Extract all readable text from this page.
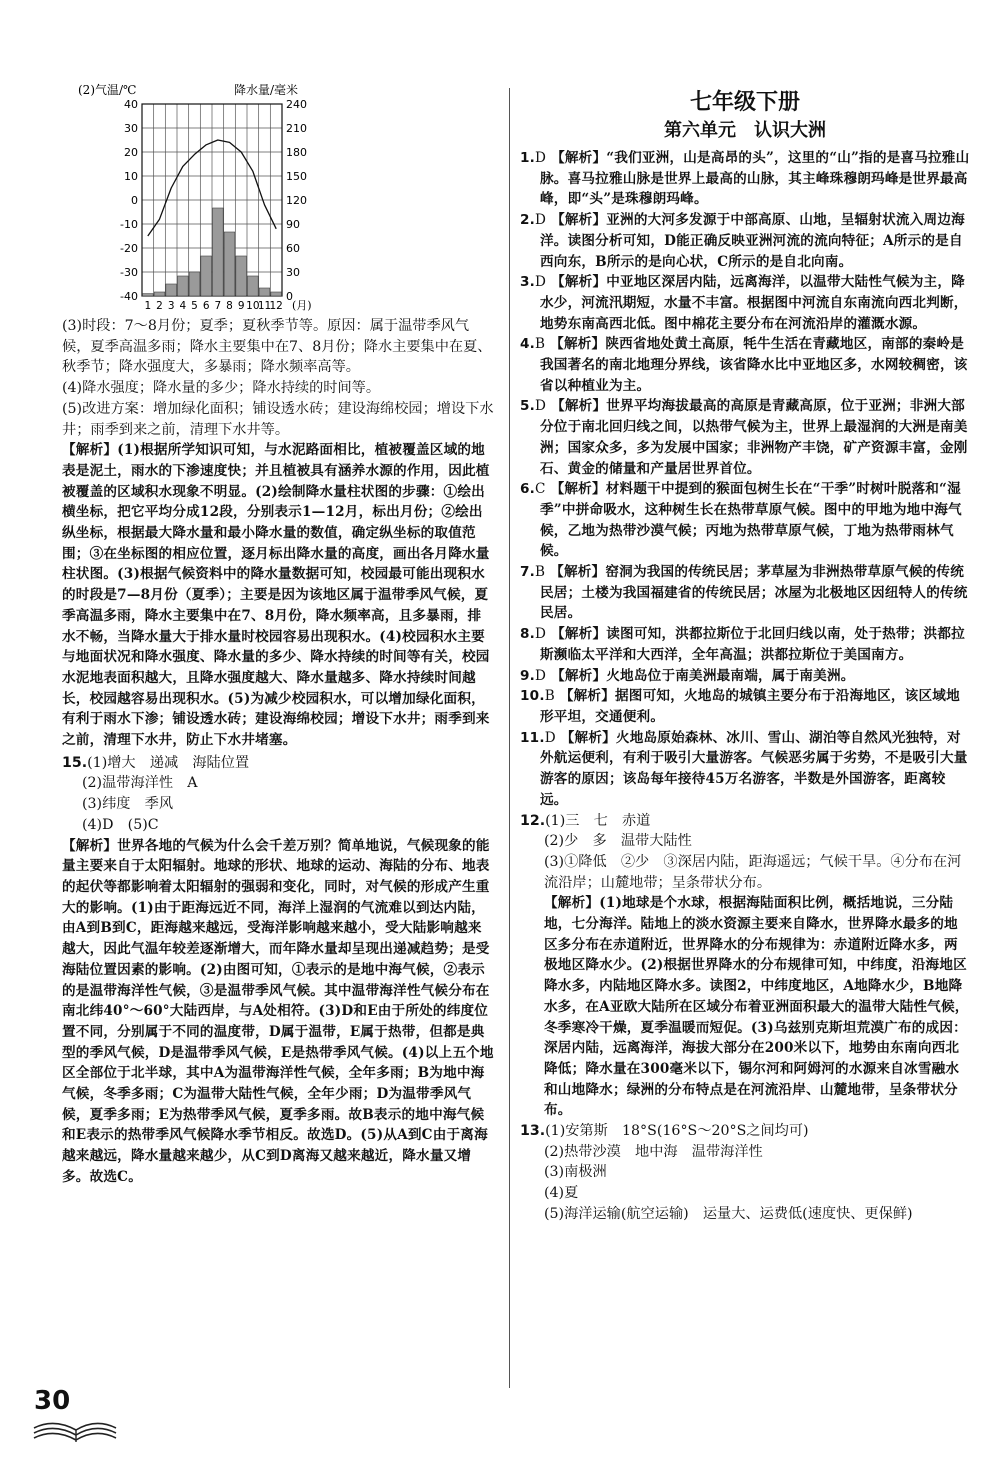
(2)气温/℃	降水量/毫米
40	240
30	210
20	180
10	150
0	120
-10	90
-20	60
-30	30
-40	0
1 2 3 4 5 6 7 8 9 10
11
12 (月)

(3)时段：7～8月份；夏季；夏秋季节等。原因：属于温带季风气候，夏季高温多雨；降水主要集中在7、8月份；降水主要集中在夏、秋季节；降水强度大，多暴雨；降水频率高等。

(4)降水强度；降水量的多少；降水持续的时间等。

(5)改进方案：增加绿化面积；铺设透水砖；建设海绵校园；增设下水井；雨季到来之前，清理下水井等。

【解析】(1)根据所学知识可知，与水泥路面相比，植被覆盖区域的地表是泥土，雨水的下渗速度快；并且植被具有涵养水源的作用，因此植被覆盖的区域积水现象不明显。(2)绘制降水量柱状图的步骤：①绘出横坐标，把它平均分成12段，分别表示1—12月，标出月份；②绘出纵坐标，根据最大降水量和最小降水量的数值，确定纵坐标的取值范围；③在坐标图的相应位置，逐月标出降水量的高度，画出各月降水量柱状图。(3)根据气候资料中的降水量数据可知，校园最可能出现积水的时段是7—8月份（夏季）；主要是因为该地区属于温带季风气候，夏季高温多雨，降水主要集中在7、8月份，降水频率高，且多暴雨，排水不畅，当降水量大于排水量时校园容易出现积水。(4)校园积水主要与地面状况和降水强度、降水量的多少、降水持续的时间等有关，校园水泥地表面积越大，且降水强度越大、降水量越多、降水持续时间越长，校园越容易出现积水。(5)为减少校园积水，可以增加绿化面积，有利于雨水下渗；铺设透水砖；建设海绵校园；增设下水井；雨季到来之前，清理下水井，防止下水井堵塞。

15.(1)增大　递减　海陆位置

(2)温带海洋性　A

(3)纬度　季风

(4)D　(5)C

【解析】世界各地的气候为什么会千差万别？简单地说，气候现象的能量主要来自于太阳辐射。地球的形状、地球的运动、海陆的分布、地表的起伏等都影响着太阳辐射的强弱和变化，同时，对气候的形成产生重大的影响。(1)由于距海远近不同，海洋上湿润的气流难以到达内陆，由A到B到C，距海越来越远，受海洋影响越来越小，受大陆影响越来越大，因此气温年较差逐渐增大，而年降水量却呈现出递减趋势；是受海陆位置因素的影响。(2)由图可知，①表示的是地中海气候，②表示的是温带海洋性气候，③是温带季风气候。其中温带海洋性气候分布在南北纬40°～60°大陆西岸，与A处相符。(3)D和E由于所处的纬度位置不同，分别属于不同的温度带，D属于温带，E属于热带，但都是典型的季风气候，D是温带季风气候，E是热带季风气候。(4)以上五个地区全部位于北半球，其中A为温带海洋性气候，全年多雨；B为地中海气候，冬季多雨；C为温带大陆性气候，全年少雨；D为温带季风气候，夏季多雨；E为热带季风气候，夏季多雨。故B表示的地中海气候和E表示的热带季风气候降水季节相反。故选D。(5)从A到C由于离海越来越远，降水量越来越少，从C到D离海又越来越近，降水量又增多。故选C。

七年级下册
第六单元　认识大洲

1.D 【解析】“我们亚洲，山是高昂的头”，这里的“山”指的是喜马拉雅山脉。喜马拉雅山脉是世界上最高的山脉，其主峰珠穆朗玛峰是世界最高峰，即“头”是珠穆朗玛峰。

2.D 【解析】亚洲的大河多发源于中部高原、山地，呈辐射状流入周边海洋。读图分析可知，D能正确反映亚洲河流的流向特征；A所示的是自西向东，B所示的是向心状，C所示的是自北向南。

3.D 【解析】中亚地区深居内陆，远离海洋，以温带大陆性气候为主，降水少，河流汛期短，水量不丰富。根据图中河流自东南流向西北判断，地势东南高西北低。图中棉花主要分布在河流沿岸的灌溉水源。

4.B 【解析】陕西省地处黄土高原，牦牛生活在青藏地区，南部的秦岭是我国著名的南北地理分界线，该省降水比中亚地区多，水网较稠密，该省以种植业为主。

5.D 【解析】世界平均海拔最高的高原是青藏高原，位于亚洲；非洲大部分位于南北回归线之间，以热带气候为主，世界上最湿润的大洲是南美洲；国家众多，多为发展中国家；非洲物产丰饶，矿产资源丰富，金刚石、黄金的储量和产量居世界首位。

6.C 【解析】材料题干中提到的猴面包树生长在“干季”时树叶脱落和“湿季”中拼命吸水，这种树生长在热带草原气候。图中的甲地为地中海气候，乙地为热带沙漠气候；丙地为热带草原气候，丁地为热带雨林气候。

7.B 【解析】窑洞为我国的传统民居；茅草屋为非洲热带草原气候的传统民居；土楼为我国福建省的传统民居；冰屋为北极地区因纽特人的传统民居。

8.D 【解析】读图可知，洪都拉斯位于北回归线以南，处于热带；洪都拉斯濒临太平洋和大西洋，全年高温；洪都拉斯位于美国南方。

9.D 【解析】火地岛位于南美洲最南端，属于南美洲。

10.B 【解析】据图可知，火地岛的城镇主要分布于沿海地区，该区域地形平坦，交通便利。

11.D 【解析】火地岛原始森林、冰川、雪山、湖泊等自然风光独特，对外航运便利，有利于吸引大量游客。气候恶劣属于劣势，不是吸引大量游客的原因；该岛每年接待45万名游客，半数是外国游客，距离较远。

12.(1)三　七　赤道

(2)少　多　温带大陆性

(3)①降低　②少　③深居内陆，距海遥远；气候干旱。④分布在河流沿岸；山麓地带；呈条带状分布。

【解析】(1)地球是个水球，根据海陆面积比例，概括地说，三分陆地，七分海洋。陆地上的淡水资源主要来自降水，世界降水最多的地区多分布在赤道附近，世界降水的分布规律为：赤道附近降水多，两极地区降水少。(2)根据世界降水的分布规律可知，中纬度，沿海地区降水多，内陆地区降水多。读图2，中纬度地区，A地降水少，B地降水多，在A亚欧大陆所在区域分布着亚洲面积最大的温带大陆性气候，冬季寒冷干燥，夏季温暖而短促。(3)乌兹别克斯坦荒漠广布的成因：深居内陆，远离海洋，海拔大部分在200米以下，地势由东南向西北降低；降水量在300毫米以下，锡尔河和阿姆河的水源来自冰雪融水和山地降水；绿洲的分布特点是在河流沿岸、山麓地带，呈条带状分布。

13.(1)安第斯　18°S(16°S～20°S之间均可)

(2)热带沙漠　地中海　温带海洋性

(3)南极洲

(4)夏

(5)海洋运输(航空运输)　运量大、运费低(速度快、更保鲜)

30
